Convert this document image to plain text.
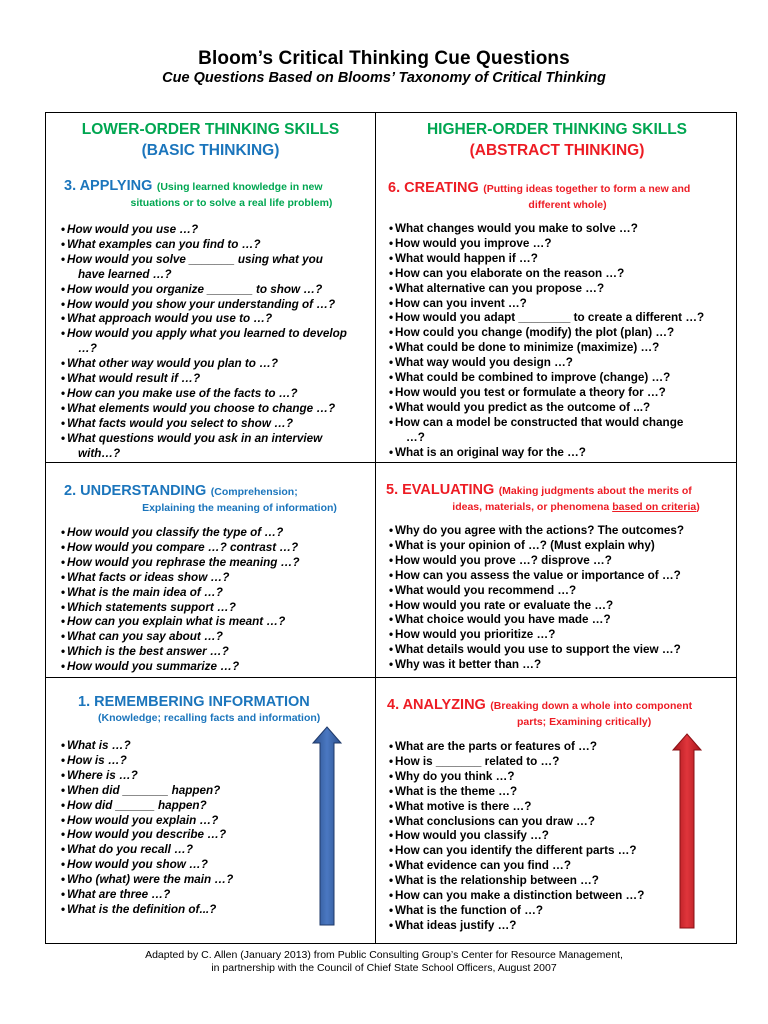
Bloom’s Critical Thinking Cue Questions
Cue Questions Based on Blooms’ Taxonomy of Critical Thinking
LOWER-ORDER THINKING SKILLS
(BASIC THINKING)
HIGHER-ORDER THINKING SKILLS
(ABSTRACT THINKING)
3. APPLYING (Using learned knowledge in new
situations or to solve a real life problem)
• How would you use …?
• What examples can you find to …?
• How would you solve _______ using what you
have learned …?
• How would you organize _______ to show …?
• How would you show your understanding of …?
• What approach would you use to …?
• How would you apply what you learned to develop
…?
• What other way would you plan to …?
• What would result if …?
• How can you make use of the facts to …?
• What elements would you choose to change …?
• What facts would you select to show …?
• What questions would you ask in an interview
with…?
6. CREATING (Putting ideas together to form a new and
different whole)
• What changes would you make to solve …?
• How would you improve …?
• What would happen if …?
• How can you elaborate on the reason …?
• What alternative can you propose …?
• How can you invent …?
• How would you adapt ________ to create a different …?
• How could you change (modify) the plot (plan) …?
• What could be done to minimize (maximize) …?
• What way would you design …?
• What could be combined to improve (change) …?
• How would you test or formulate a theory for …?
• What would you predict as the outcome of ...?
• How can a model be constructed that would change
…?
• What is an original way for the …?
2. UNDERSTANDING (Comprehension;
Explaining the meaning of information)
• How would you classify the type of …?
• How would you compare …? contrast …?
• How would you rephrase the meaning …?
• What facts or ideas show …?
• What is the main idea of …?
• Which statements support …?
• How can you explain what is meant …?
• What can you say about …?
• Which is the best answer …?
• How would you summarize …?
5. EVALUATING (Making judgments about the merits of
ideas, materials, or phenomena based on criteria)
• Why do you agree with the actions? The outcomes?
• What is your opinion of …? (Must explain why)
• How would you prove …? disprove …?
• How can you assess the value or importance of …?
• What would you recommend …?
• How would you rate or evaluate the …?
• What choice would you have made …?
• How would you prioritize …?
• What details would you use to support the view …?
• Why was it better than …?
1. REMEMBERING INFORMATION
(Knowledge; recalling facts and information)
• What is …?
• How is …?
• Where is …?
• When did _______ happen?
• How did ______ happen?
• How would you explain …?
• How would you describe …?
• What do you recall …?
• How would you show …?
• Who (what) were the main …?
• What are three …?
• What is the definition of...?
4. ANALYZING (Breaking down a whole into component
parts; Examining critically)
• What are the parts or features of …?
• How is _______ related to …?
• Why do you think …?
• What is the theme …?
• What motive is there …?
• What conclusions can you draw …?
• How would you classify …?
• How can you identify the different parts …?
• What evidence can you find …?
• What is the relationship between …?
• How can you make a distinction between …?
• What is the function of …?
• What ideas justify …?
Adapted by C. Allen (January 2013) from Public Consulting Group’s Center for Resource Management,
in partnership with the Council of Chief State School Officers, August 2007
